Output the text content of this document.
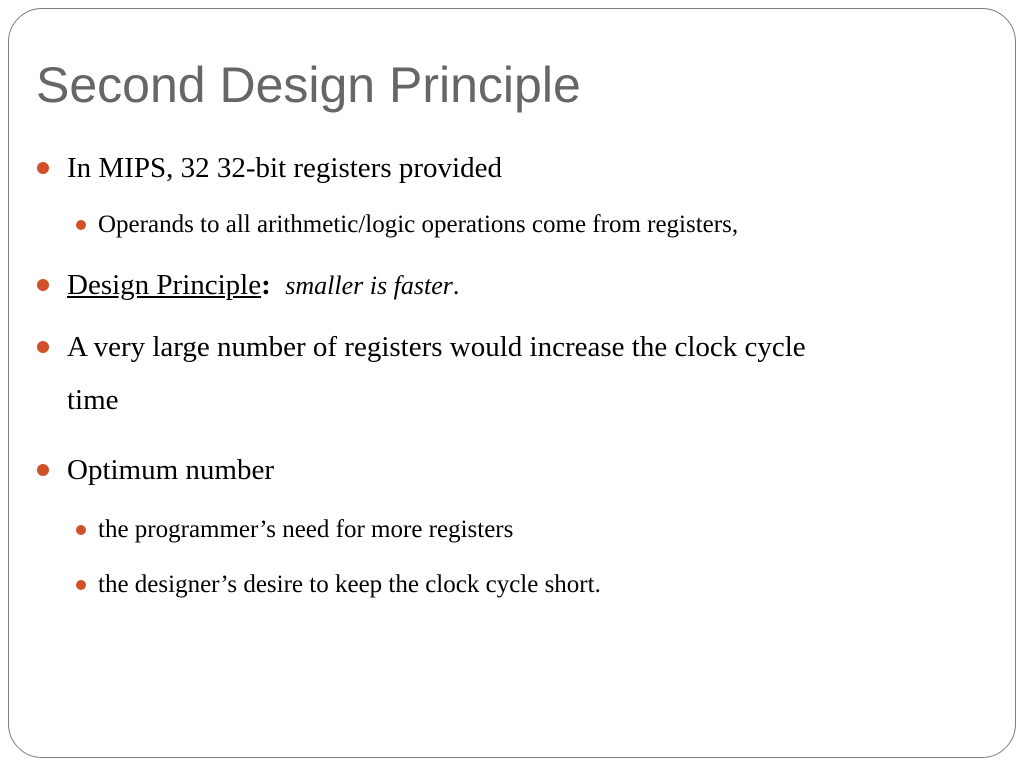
Second Design Principle
In MIPS, 32 32-bit registers provided
Operands to all arithmetic/logic operations come from registers,
Design Principle: smaller is faster.
A very large number of registers would increase the clock cycle
time
Optimum number
the programmer’s need for more registers
the designer’s desire to keep the clock cycle short.
